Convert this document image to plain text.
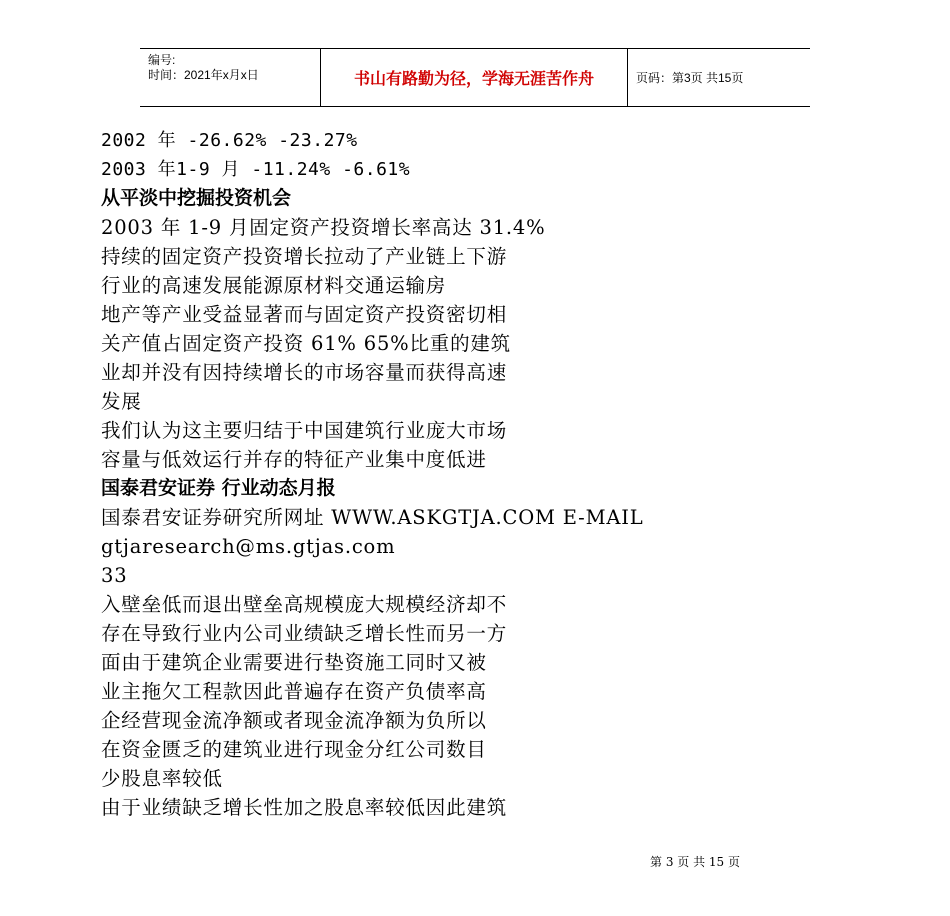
编号:
时间：2021年x月x日	书山有路勤为径，学海无涯苦作舟	页码：第3页 共15页
2002 年 -26.62% -23.27%
2003 年1-9 月 -11.24% -6.61%
从平淡中挖掘投资机会
2003 年 1-9 月固定资产投资增长率高达 31.4%
持续的固定资产投资增长拉动了产业链上下游
行业的高速发展能源原材料交通运输房
地产等产业受益显著而与固定资产投资密切相
关产值占固定资产投资 61% 65%比重的建筑
业却并没有因持续增长的市场容量而获得高速
发展
我们认为这主要归结于中国建筑行业庞大市场
容量与低效运行并存的特征产业集中度低进
国泰君安证券 行业动态月报
国泰君安证券研究所网址 WWW.ASKGTJA.COM E-MAIL
gtjaresearch@ms.gtjas.com
33
入壁垒低而退出壁垒高规模庞大规模经济却不
存在导致行业内公司业绩缺乏增长性而另一方
面由于建筑企业需要进行垫资施工同时又被
业主拖欠工程款因此普遍存在资产负债率高
企经营现金流净额或者现金流净额为负所以
在资金匮乏的建筑业进行现金分红公司数目
少股息率较低
由于业绩缺乏增长性加之股息率较低因此建筑
第 3 页 共 15 页
